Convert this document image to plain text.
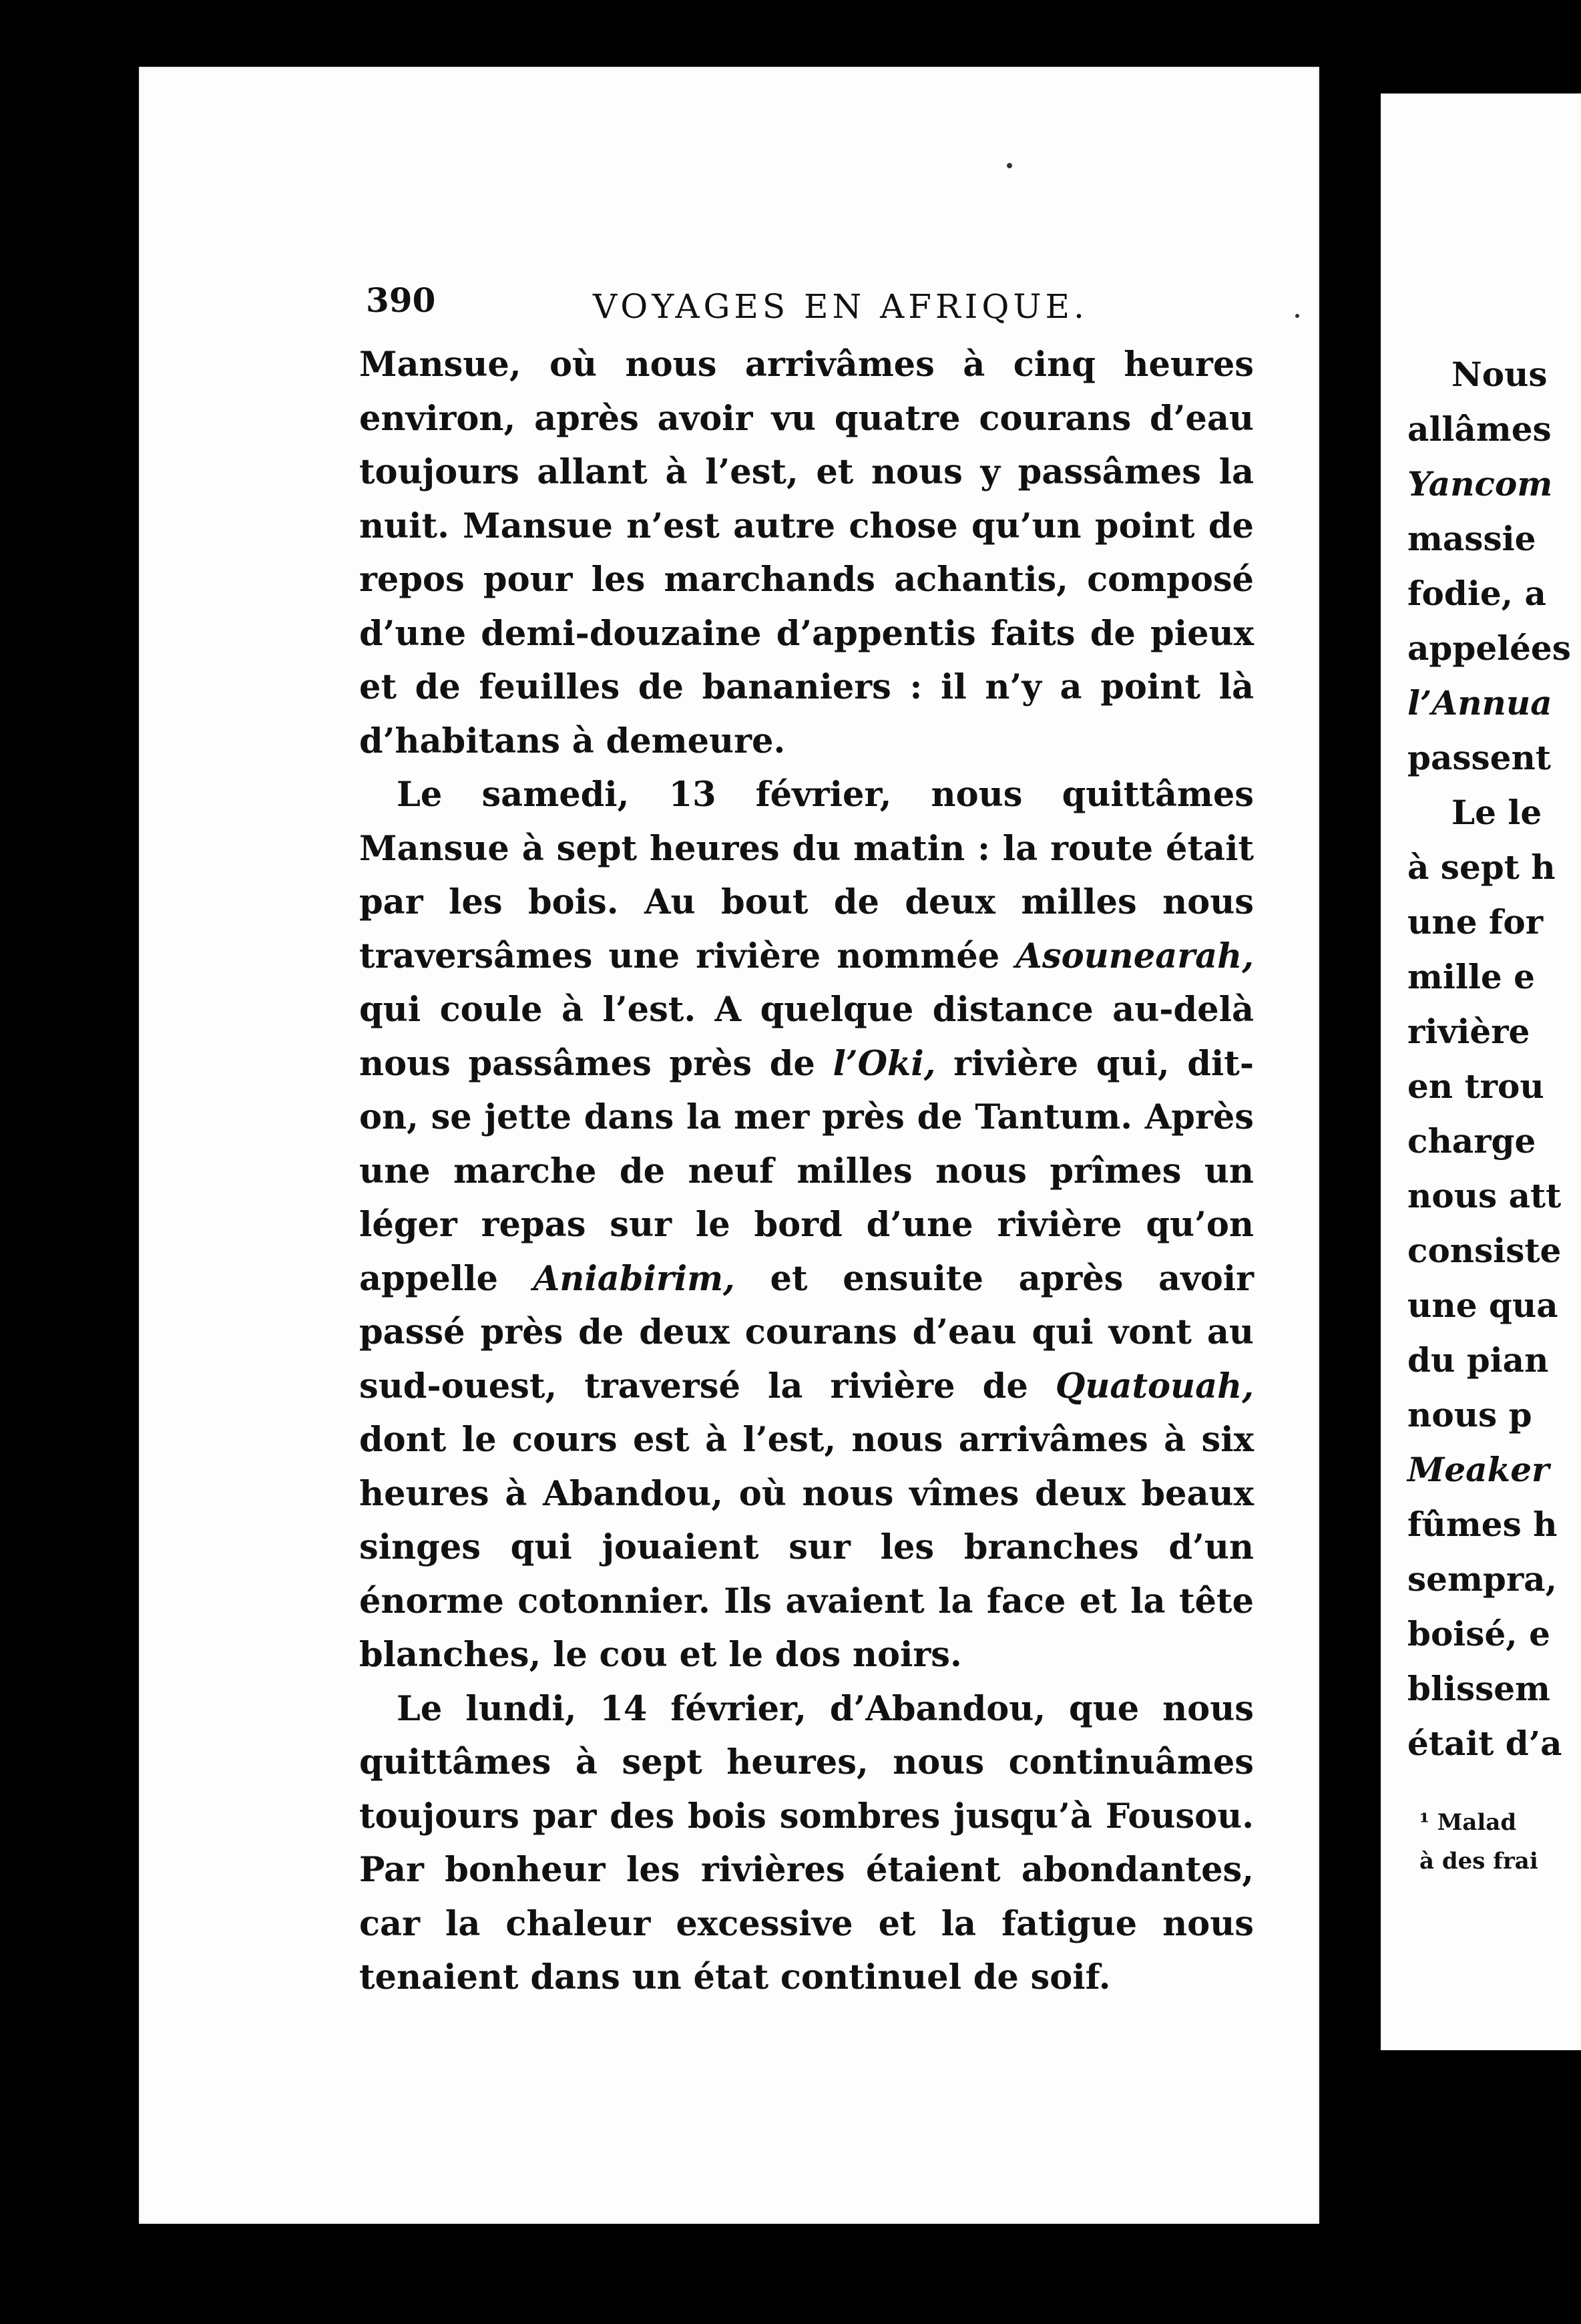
390	VOYAGES EN AFRIQUE.

Mansue, où nous arrivâmes à cinq heures environ, après avoir vu quatre courans d’eau toujours allant à l’est, et nous y passâmes la nuit. Mansue n’est autre chose qu’un point de repos pour les marchands achantis, composé d’une demi-douzaine d’appentis faits de pieux et de feuilles de bananiers : il n’y a point là d’habitans à demeure.

Le samedi, 13 février, nous quittâmes Mansue à sept heures du matin : la route était par les bois. Au bout de deux milles nous traversâmes une rivière nommée Asounearah, qui coule à l’est. A quelque distance au-delà nous passâmes près de l’Oki, rivière qui, dit-on, se jette dans la mer près de Tantum. Après une marche de neuf milles nous prîmes un léger repas sur le bord d’une rivière qu’on appelle Aniabirim, et ensuite après avoir passé près de deux courans d’eau qui vont au sud-ouest, traversé la rivière de Quatouah, dont le cours est à l’est, nous arrivâmes à six heures à Abandou, où nous vîmes deux beaux singes qui jouaient sur les branches d’un énorme cotonnier. Ils avaient la face et la tête blanches, le cou et le dos noirs.

Le lundi, 14 février, d’Abandou, que nous quittâmes à sept heures, nous continuâmes toujours par des bois sombres jusqu’à Fousou. Par bonheur les rivières étaient abondantes, car la chaleur excessive et la fatigue nous tenaient dans un état continuel de soif.

Nous
allâmes
Yancom
massie
fodie, a
appelées
l’Annua
passent
Le le
à sept h
une for
mille e
rivière
en trou
charge
nous att
consiste
une qua
du pian
nous p
Meaker
fûmes h
sempra,
boisé, e
blissem
était d’a
¹ Malad
à des frai
